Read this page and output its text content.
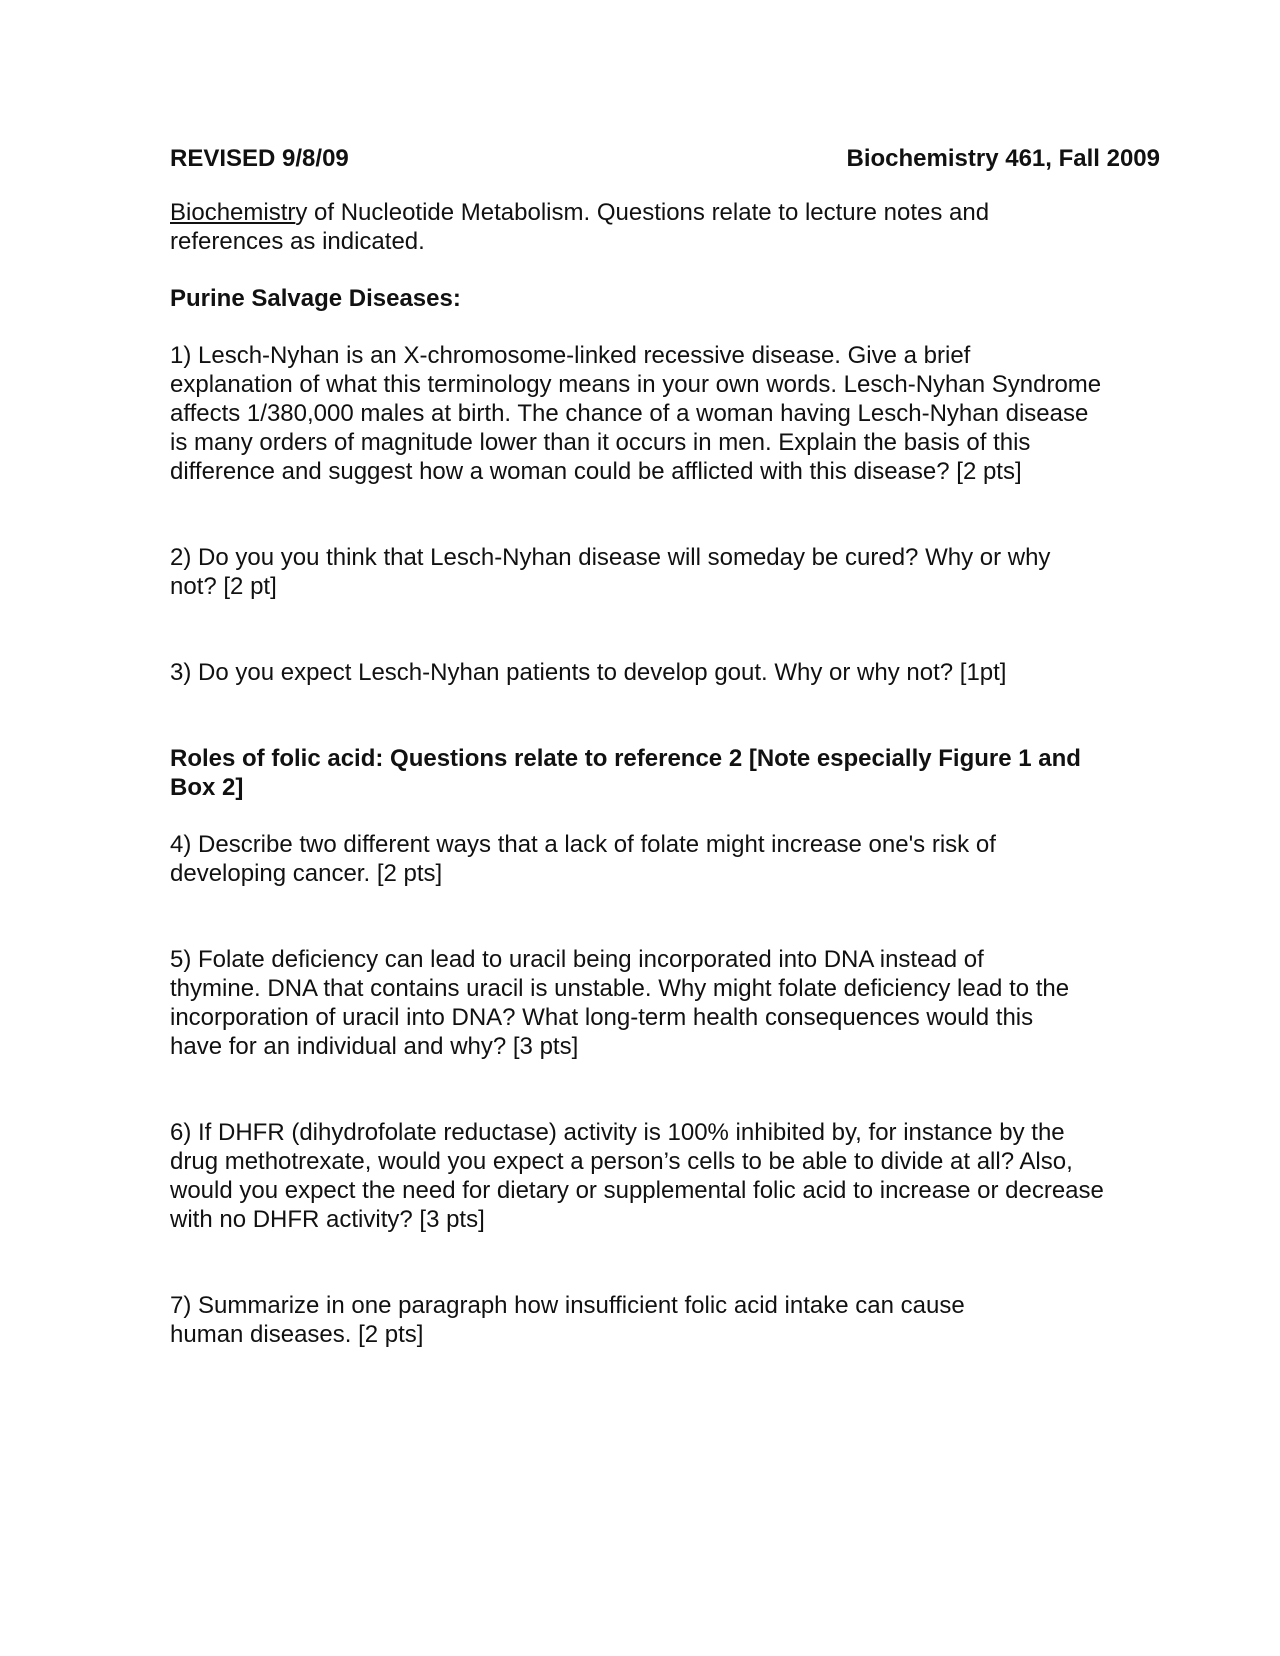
REVISED 9/8/09	Biochemistry 461, Fall 2009

Biochemistry of Nucleotide Metabolism. Questions relate to lecture notes and
references as indicated.

Purine Salvage Diseases:

1) Lesch-Nyhan is an X-chromosome-linked recessive disease. Give a brief
explanation of what this terminology means in your own words. Lesch-Nyhan Syndrome
affects 1/380,000 males at birth. The chance of a woman having Lesch-Nyhan disease
is many orders of magnitude lower than it occurs in men. Explain the basis of this
difference and suggest how a woman could be afflicted with this disease? [2 pts]

2) Do you you think that Lesch-Nyhan disease will someday be cured? Why or why
not? [2 pt]

3) Do you expect Lesch-Nyhan patients to develop gout. Why or why not? [1pt]

Roles of folic acid: Questions relate to reference 2 [Note especially Figure 1 and
Box 2]

4) Describe two different ways that a lack of folate might increase one's risk of
developing cancer. [2 pts]

5) Folate deficiency can lead to uracil being incorporated into DNA instead of
thymine. DNA that contains uracil is unstable. Why might folate deficiency lead to the
incorporation of uracil into DNA? What long-term health consequences would this
have for an individual and why? [3 pts]

6) If DHFR (dihydrofolate reductase) activity is 100% inhibited by, for instance by the
drug methotrexate, would you expect a person’s cells to be able to divide at all? Also,
would you expect the need for dietary or supplemental folic acid to increase or decrease
with no DHFR activity? [3 pts]

7) Summarize in one paragraph how insufficient folic acid intake can cause
human diseases. [2 pts]
